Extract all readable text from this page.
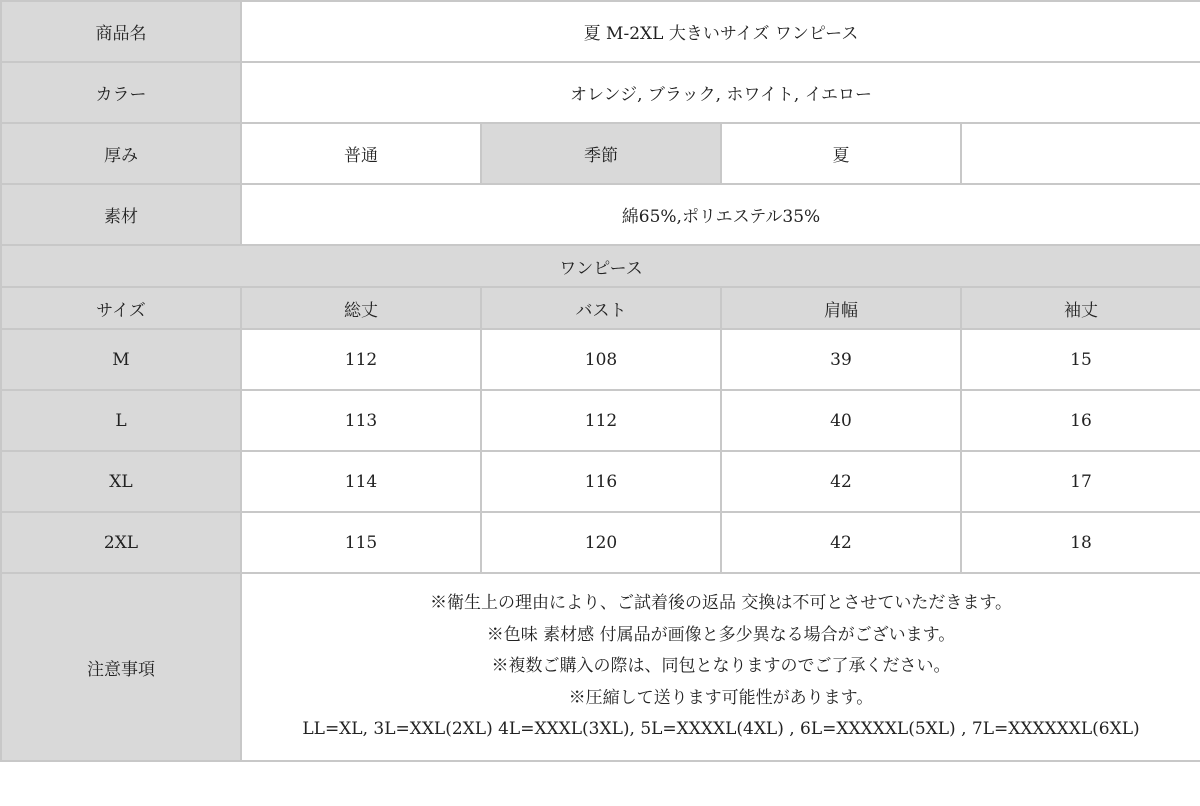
商品名	夏 M-2XL 大きいサイズ ワンピース			
カラー	オレンジ, ブラック, ホワイト, イエロー			
厚み	普通	季節	夏	
素材	綿65%,ポリエステル35%			
ワンピース				
サイズ	総丈	バスト	肩幅	袖丈
M	112	108	39	15
L	113	112	40	16
XL	114	116	42	17
2XL	115	120	42	18
注意事項	※衛生上の理由により、ご試着後の返品 交換は不可とさせていただきます。
※色味 素材感 付属品が画像と多少異なる場合がございます。
※複数ご購入の際は、同包となりますのでご了承ください。
※圧縮して送ります可能性があります。
LL=XL, 3L=XXL(2XL) 4L=XXXL(3XL), 5L=XXXXL(4XL) , 6L=XXXXXL(5XL) , 7L=XXXXXXL(6XL)			
